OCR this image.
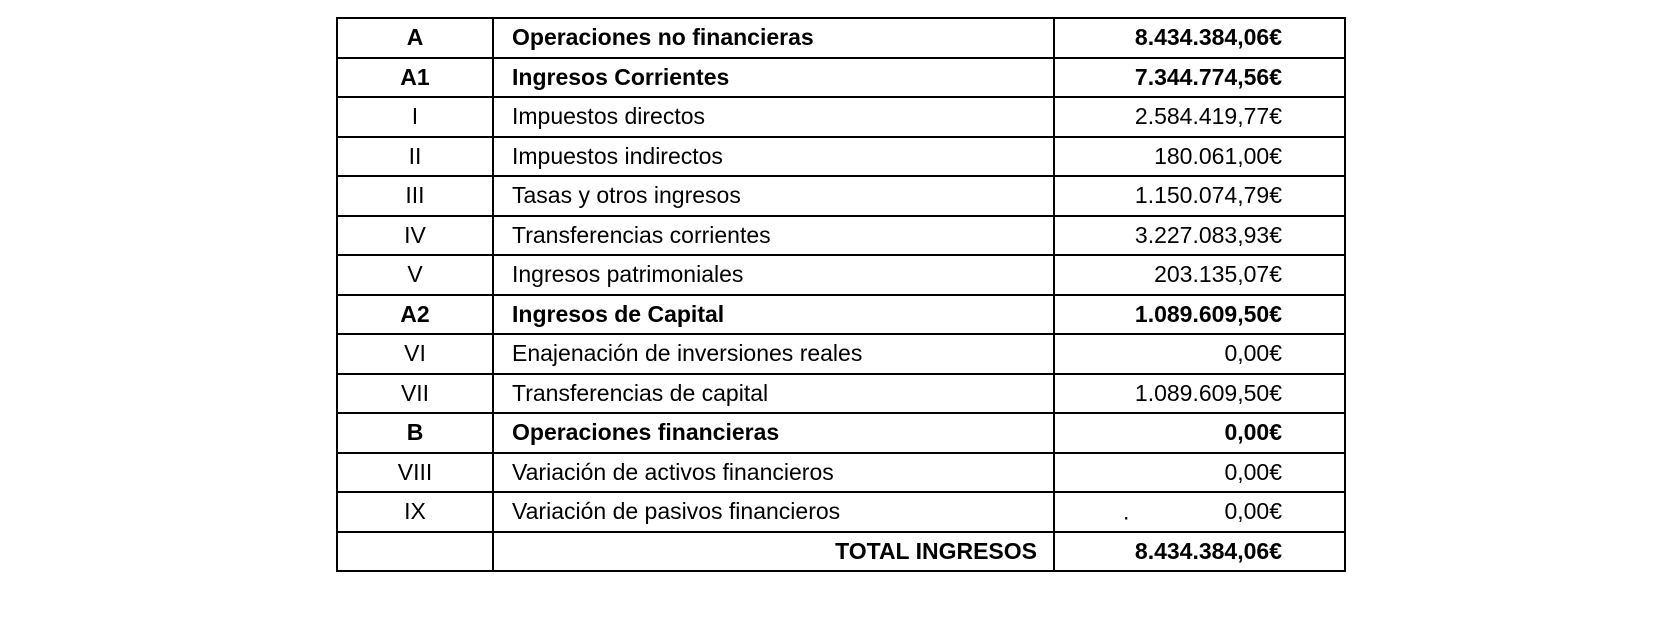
A	Operaciones no financieras	8.434.384,06€

A1	Ingresos Corrientes	7.344.774,56€

I	Impuestos directos	2.584.419,77€

II	Impuestos indirectos	180.061,00€

III	Tasas y otros ingresos	1.150.074,79€

IV	Transferencias corrientes	3.227.083,93€

V	Ingresos patrimoniales	203.135,07€

A2	Ingresos de Capital	1.089.609,50€

VI	Enajenación de inversiones reales	0,00€

VII	Transferencias de capital	1.089.609,50€

B	Operaciones financieras	0,00€

VIII	Variación de activos financieros	0,00€

IX	Variación de pasivos financieros	. 0,00€

	TOTAL INGRESOS	8.434.384,06€
